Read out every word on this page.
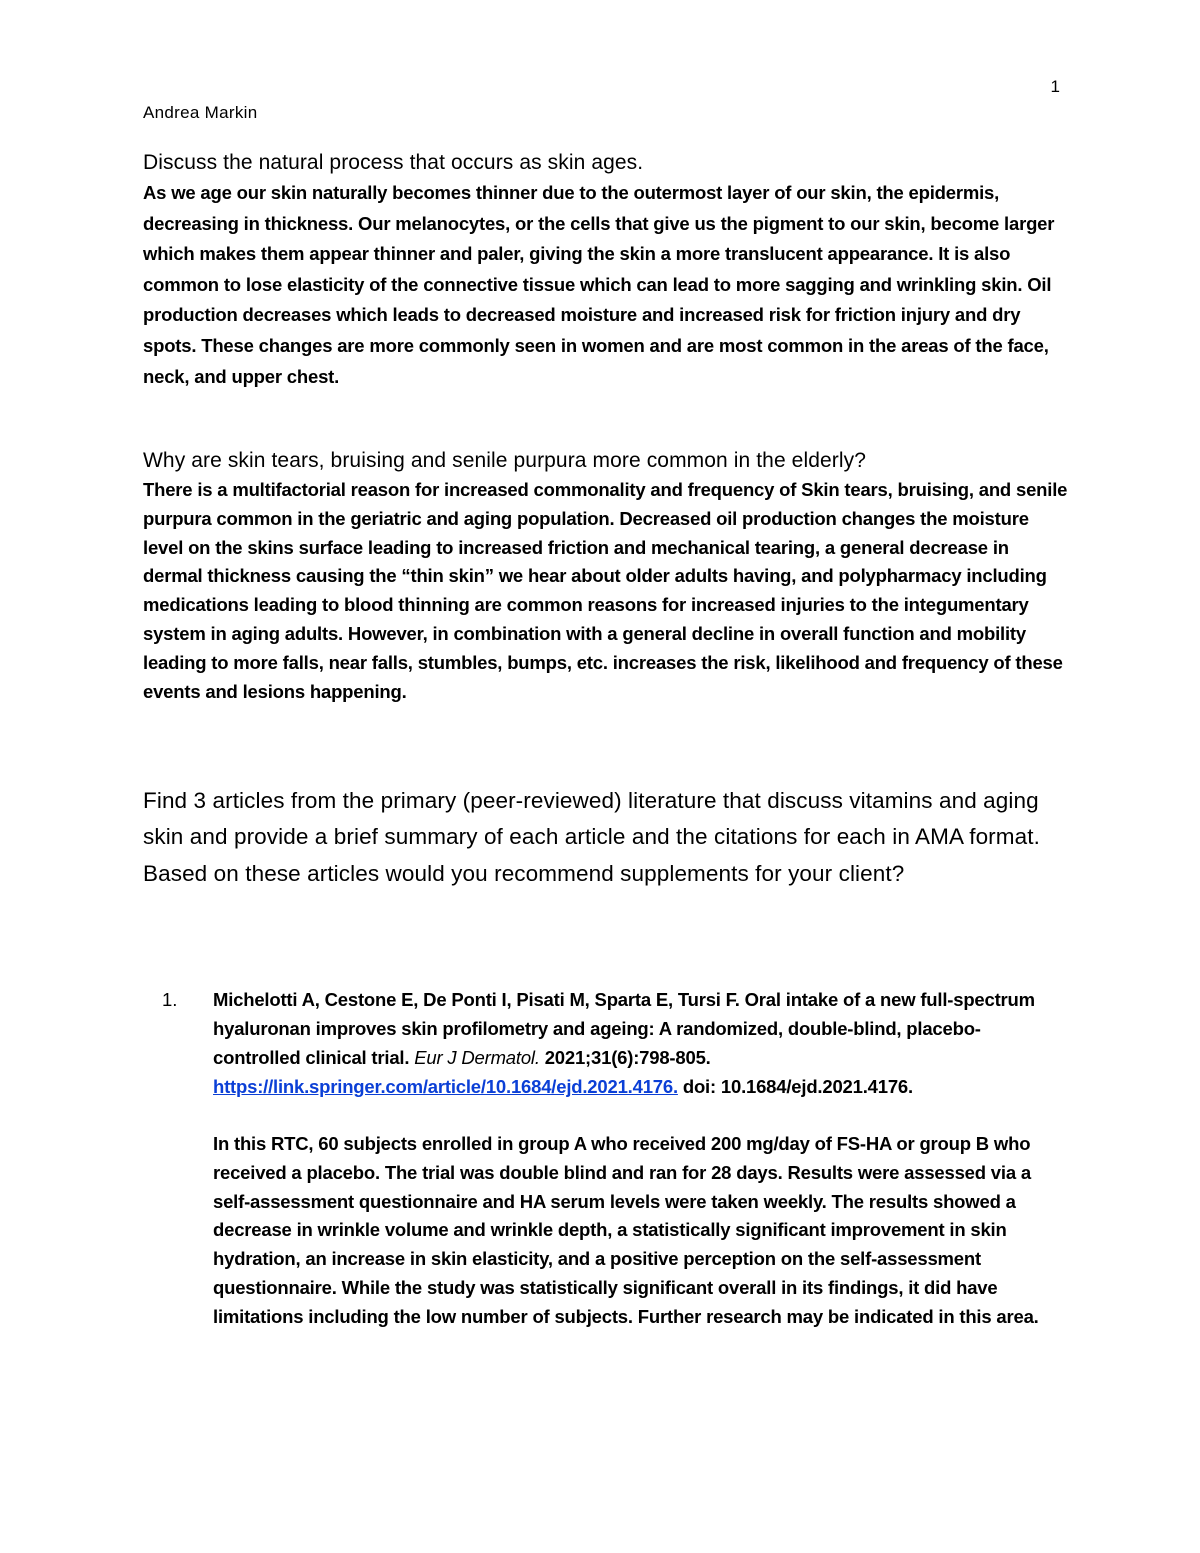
1
Andrea Markin
Discuss the natural process that occurs as skin ages.

As we age our skin naturally becomes thinner due to the outermost layer of our skin, the epidermis, decreasing in thickness. Our melanocytes, or the cells that give us the pigment to our skin, become larger which makes them appear thinner and paler, giving the skin a more translucent appearance. It is also common to lose elasticity of the connective tissue which can lead to more sagging and wrinkling skin. Oil production decreases which leads to decreased moisture and increased risk for friction injury and dry spots. These changes are more commonly seen in women and are most common in the areas of the face, neck, and upper chest.

Why are skin tears, bruising and senile purpura more common in the elderly?

There is a multifactorial reason for increased commonality and frequency of Skin tears, bruising, and senile purpura common in the geriatric and aging population. Decreased oil production changes the moisture level on the skins surface leading to increased friction and mechanical tearing, a general decrease in dermal thickness causing the “thin skin” we hear about older adults having, and polypharmacy including medications leading to blood thinning are common reasons for increased injuries to the integumentary system in aging adults. However, in combination with a general decline in overall function and mobility leading to more falls, near falls, stumbles, bumps, etc. increases the risk, likelihood and frequency of these events and lesions happening.

Find 3 articles from the primary (peer-reviewed) literature that discuss vitamins and aging skin and provide a brief summary of each article and the citations for each in AMA format. Based on these articles would you recommend supplements for your client?
1. Michelotti A, Cestone E, De Ponti I, Pisati M, Sparta E, Tursi F. Oral intake of a new full-spectrum hyaluronan improves skin profilometry and ageing: A randomized, double-blind, placebo-controlled clinical trial. Eur J Dermatol. 2021;31(6):798-805. https://link.springer.com/article/10.1684/ejd.2021.4176. doi: 10.1684/ejd.2021.4176.

In this RTC, 60 subjects enrolled in group A who received 200 mg/day of FS-HA or group B who received a placebo. The trial was double blind and ran for 28 days. Results were assessed via a self-assessment questionnaire and HA serum levels were taken weekly. The results showed a decrease in wrinkle volume and wrinkle depth, a statistically significant improvement in skin hydration, an increase in skin elasticity, and a positive perception on the self-assessment questionnaire. While the study was statistically significant overall in its findings, it did have limitations including the low number of subjects. Further research may be indicated in this area.
